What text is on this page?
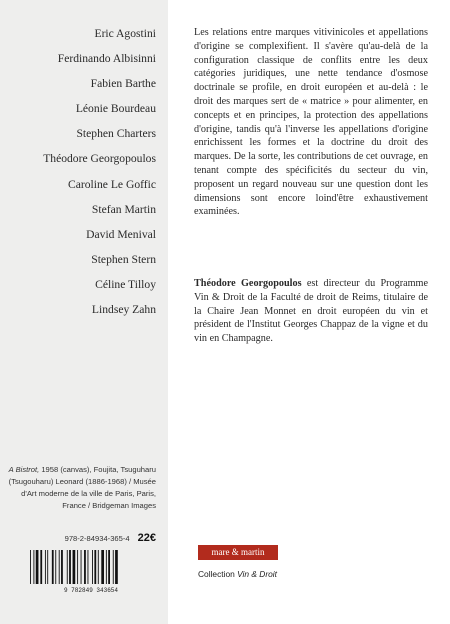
Eric Agostini
Ferdinando Albisinni
Fabien Barthe
Léonie Bourdeau
Stephen Charters
Théodore Georgopoulos
Caroline Le Goffic
Stefan Martin
David Menival
Stephen Stern
Céline Tilloy
Lindsey Zahn
A Bistrot, 1958 (canvas), Foujita, Tsuguharu (Tsugouharu) Leonard (1886-1968) / Musée d'Art moderne de la ville de Paris, Paris, France / Bridgeman Images
978-2-84934-365-4 22€
9 782849 343654

Les relations entre marques vitivinicoles et appellations d'origine se complexifient. Il s'avère qu'au-delà de la configuration classique de conflits entre les deux catégories juridiques, une nette tendance d'osmose doctrinale se profile, en droit européen et au-delà : le droit des marques sert de « matrice » pour alimenter, en concepts et en principes, la protection des appellations d'origine, tandis qu'à l'inverse les appellations d'origine enrichissent les formes et la doctrine du droit des marques. De la sorte, les contributions de cet ouvrage, en tenant compte des spécificités du secteur du vin, proposent un regard nouveau sur une question dont les dimensions sont encore loind'être exhaustivement examinées.

Théodore Georgopoulos est directeur du Programme Vin & Droit de la Faculté de droit de Reims, titulaire de la Chaire Jean Monnet en droit européen du vin et président de l'Institut Georges Chappaz de la vigne et du vin en Champagne.

mare & martin
Collection Vin & Droit
